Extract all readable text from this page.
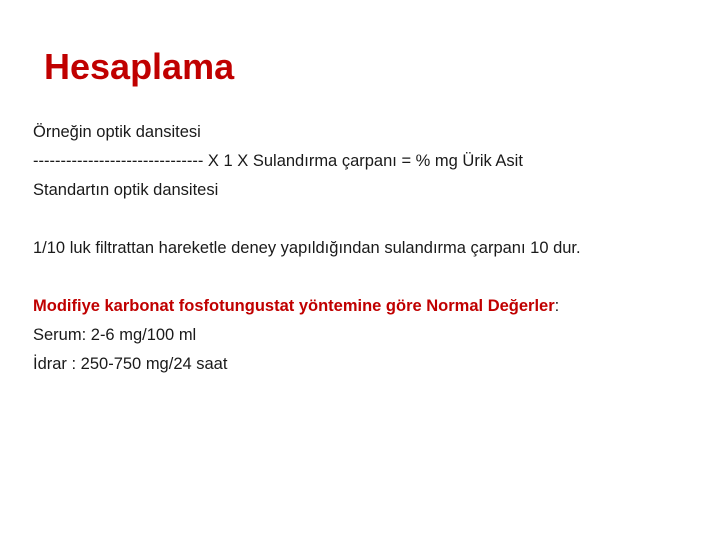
Hesaplama
Örneğin optik dansitesi
------------------------------- X 1 X Sulandırma çarpanı = % mg Ürik Asit
Standartın optik dansitesi
1/10 luk filtrattan hareketle deney yapıldığından sulandırma çarpanı 10 dur.
Modifiye karbonat fosfotungustat yöntemine göre Normal Değerler:
Serum: 2-6 mg/100 ml
İdrar : 250-750 mg/24 saat
